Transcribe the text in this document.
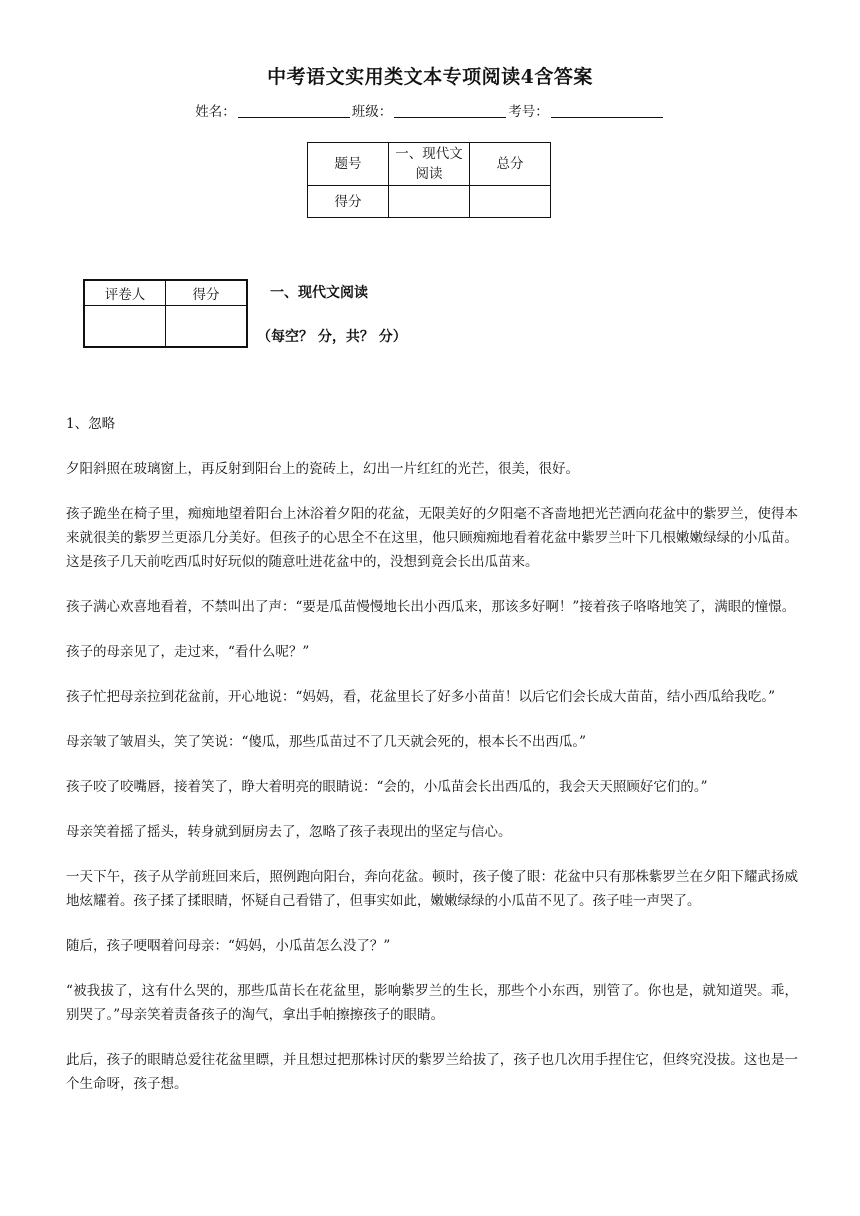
中考语文实用类文本专项阅读4含答案
姓名：	班级：	考号：
题号	一、现代文阅读	总分
得分		
评卷人	得分
		一、现代文阅读
（每空？ 分，共？ 分）

1、忽略

夕阳斜照在玻璃窗上，再反射到阳台上的瓷砖上，幻出一片红红的光芒，很美，很好。

孩子跪坐在椅子里，痴痴地望着阳台上沐浴着夕阳的花盆，无限美好的夕阳毫不吝啬地把光芒洒向花盆中的紫罗兰，使得本来就很美的紫罗兰更添几分美好。但孩子的心思全不在这里，他只顾痴痴地看着花盆中紫罗兰叶下几根嫩嫩绿绿的小瓜苗。这是孩子几天前吃西瓜时好玩似的随意吐进花盆中的，没想到竟会长出瓜苗来。

孩子满心欢喜地看着，不禁叫出了声：“要是瓜苗慢慢地长出小西瓜来，那该多好啊！”接着孩子咯咯地笑了，满眼的憧憬。

孩子的母亲见了，走过来，“看什么呢？”

孩子忙把母亲拉到花盆前，开心地说：“妈妈，看，花盆里长了好多小苗苗！以后它们会长成大苗苗，结小西瓜给我吃。”

母亲皱了皱眉头，笑了笑说：“傻瓜，那些瓜苗过不了几天就会死的，根本长不出西瓜。”

孩子咬了咬嘴唇，接着笑了，睁大着明亮的眼睛说：“会的，小瓜苗会长出西瓜的，我会天天照顾好它们的。”

母亲笑着摇了摇头，转身就到厨房去了，忽略了孩子表现出的坚定与信心。

一天下午，孩子从学前班回来后，照例跑向阳台，奔向花盆。顿时，孩子傻了眼：花盆中只有那株紫罗兰在夕阳下耀武扬威地炫耀着。孩子揉了揉眼睛，怀疑自己看错了，但事实如此，嫩嫩绿绿的小瓜苗不见了。孩子哇一声哭了。

随后，孩子哽咽着问母亲：“妈妈，小瓜苗怎么没了？”

“被我拔了，这有什么哭的，那些瓜苗长在花盆里，影响紫罗兰的生长，那些个小东西，别管了。你也是，就知道哭。乖，别哭了。”母亲笑着责备孩子的淘气，拿出手帕擦擦孩子的眼睛。

此后，孩子的眼睛总爱往花盆里瞟，并且想过把那株讨厌的紫罗兰给拔了，孩子也几次用手捏住它，但终究没拔。这也是一个生命呀，孩子想。
